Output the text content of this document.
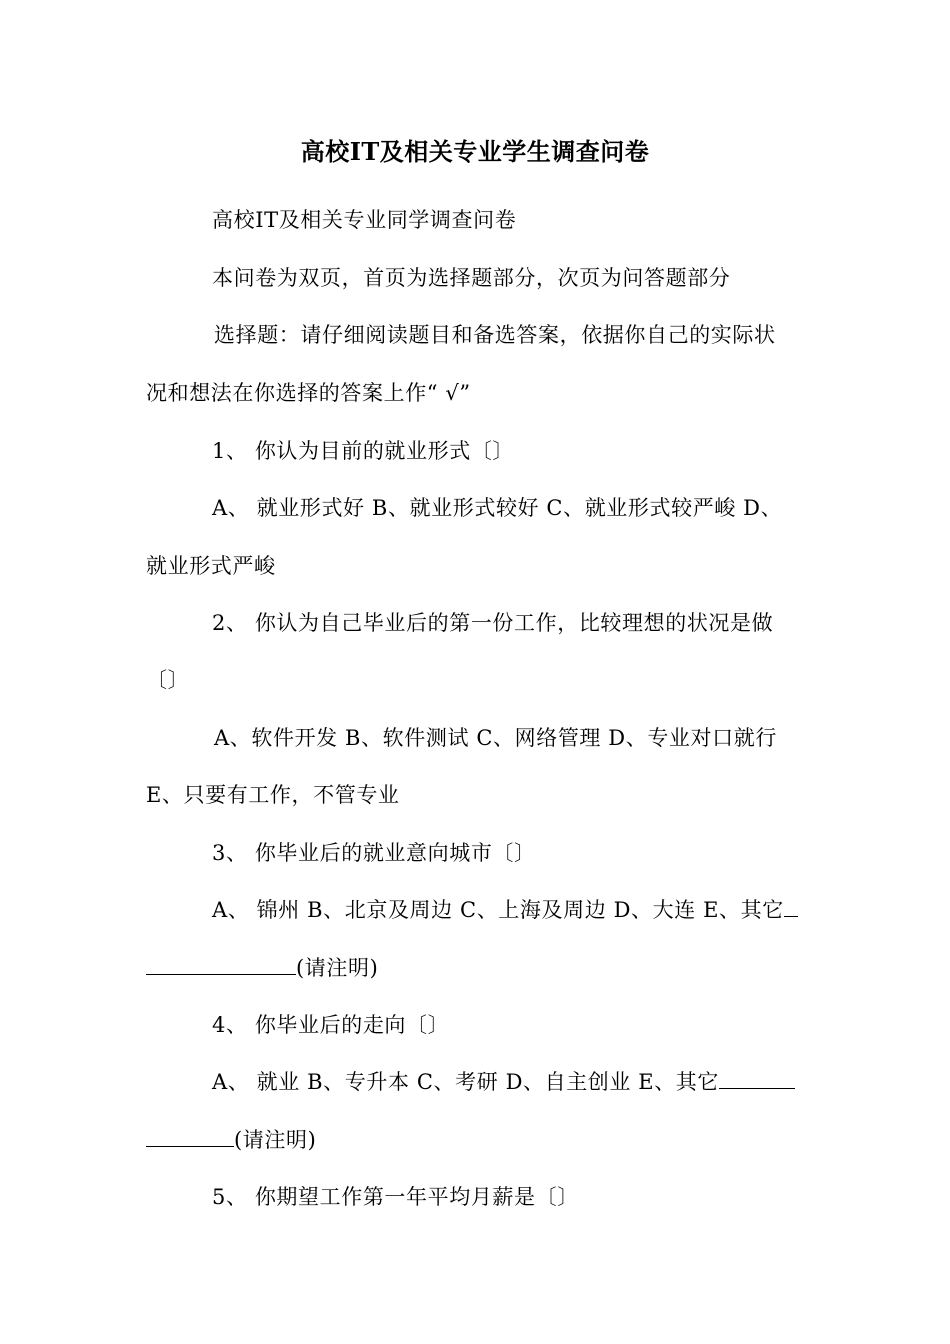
高校IT及相关专业学生调查问卷
高校IT及相关专业同学调查问卷
本问卷为双页，首页为选择题部分，次页为问答题部分
选择题：请仔细阅读题目和备选答案，依据你自己的实际状
况和想法在你选择的答案上作“ √”
1、 你认为目前的就业形式〔〕
A、 就业形式好 B、就业形式较好 C、就业形式较严峻 D、
就业形式严峻
2、 你认为自己毕业后的第一份工作，比较理想的状况是做
〔〕
A、软件开发 B、软件测试 C、网络管理 D、专业对口就行
E、只要有工作，不管专业
3、 你毕业后的就业意向城市〔〕
A、 锦州 B、北京及周边 C、上海及周边 D、大连 E、其它
(请注明)
4、 你毕业后的走向〔〕
A、 就业 B、专升本 C、考研 D、自主创业 E、其它
(请注明)
5、 你期望工作第一年平均月薪是〔〕
